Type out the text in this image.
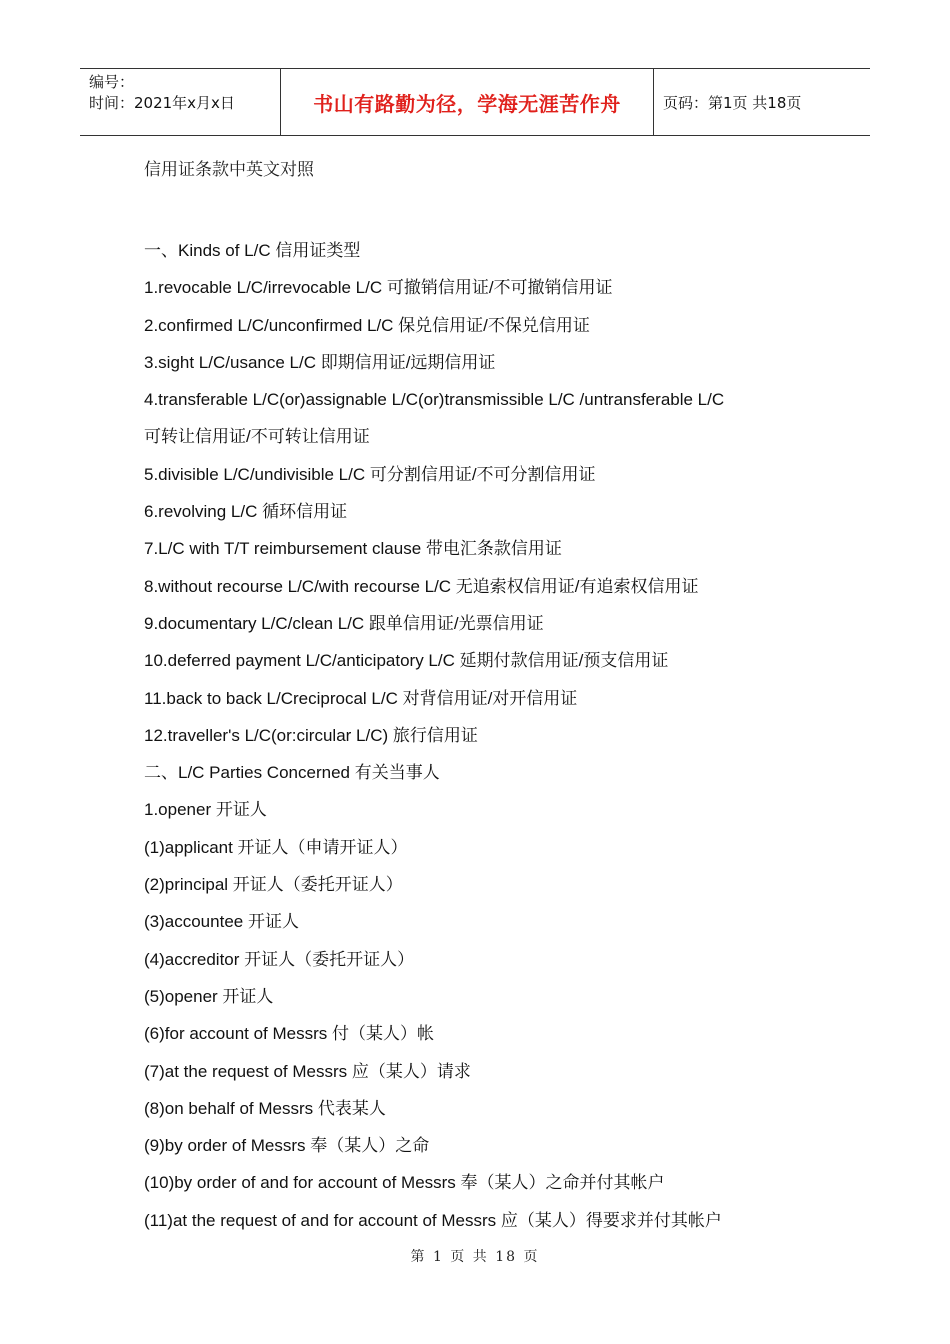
编号：
时间：2021年x月x日	书山有路勤为径，学海无涯苦作舟	页码：第1页 共18页
信用证条款中英文对照
一、Kinds of L/C 信用证类型
1.revocable L/C/irrevocable L/C 可撤销信用证/不可撤销信用证
2.confirmed L/C/unconfirmed L/C 保兑信用证/不保兑信用证
3.sight L/C/usance L/C 即期信用证/远期信用证
4.transferable L/C(or)assignable L/C(or)transmissible L/C /untransferable L/C
可转让信用证/不可转让信用证
5.divisible L/C/undivisible L/C 可分割信用证/不可分割信用证
6.revolving L/C 循环信用证
7.L/C with T/T reimbursement clause 带电汇条款信用证
8.without recourse L/C/with recourse L/C 无追索权信用证/有追索权信用证
9.documentary L/C/clean L/C 跟单信用证/光票信用证
10.deferred payment L/C/anticipatory L/C 延期付款信用证/预支信用证
11.back to back L/Creciprocal L/C 对背信用证/对开信用证
12.traveller's L/C(or:circular L/C) 旅行信用证
二、L/C Parties Concerned 有关当事人
1.opener 开证人
(1)applicant 开证人（申请开证人）
(2)principal 开证人（委托开证人）
(3)accountee 开证人
(4)accreditor 开证人（委托开证人）
(5)opener 开证人
(6)for account of Messrs 付（某人）帐
(7)at the request of Messrs 应（某人）请求
(8)on behalf of Messrs 代表某人
(9)by order of Messrs 奉（某人）之命
(10)by order of and for account of Messrs 奉（某人）之命并付其帐户
(11)at the request of and for account of Messrs 应（某人）得要求并付其帐户
第 1 页 共 18 页
